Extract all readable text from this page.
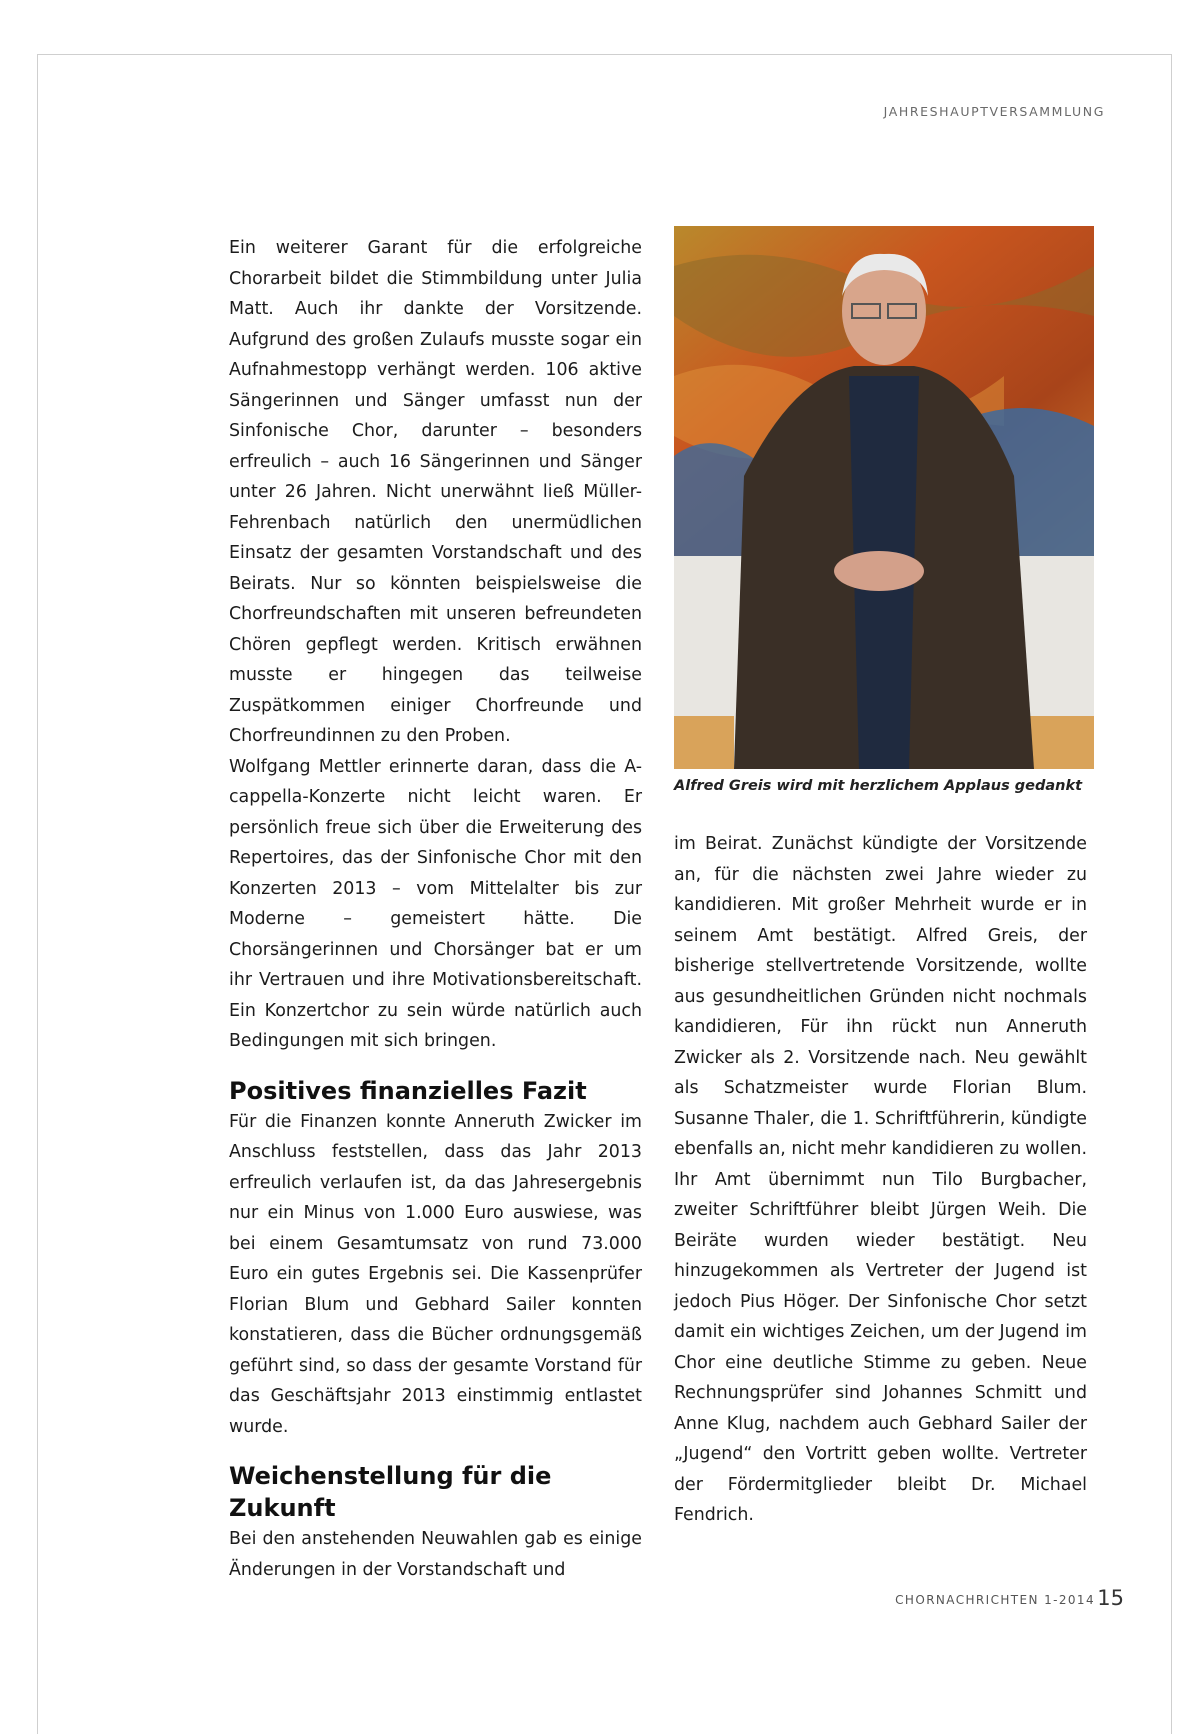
JAHRESHAUPTVERSAMMLUNG

Ein weiterer Garant für die erfolgreiche Chorarbeit bildet die Stimmbildung unter Julia Matt. Auch ihr dankte der Vorsitzende. Aufgrund des großen Zulaufs musste sogar ein Aufnahmestopp verhängt werden. 106 aktive Sängerinnen und Sänger umfasst nun der Sinfonische Chor, darunter – besonders erfreulich – auch 16 Sängerinnen und Sänger unter 26 Jahren. Nicht unerwähnt ließ Müller-Fehrenbach natürlich den unermüdlichen Einsatz der gesamten Vorstandschaft und des Beirats. Nur so könnten beispielsweise die Chorfreundschaften mit unseren befreundeten Chören gepflegt werden. Kritisch erwähnen musste er hingegen das teilweise Zuspätkommen einiger Chorfreunde und Chorfreundinnen zu den Proben.

Wolfgang Mettler erinnerte daran, dass die A-cappella-Konzerte nicht leicht waren. Er persönlich freue sich über die Erweiterung des Repertoires, das der Sinfonische Chor mit den Konzerten 2013 – vom Mittelalter bis zur Moderne – gemeistert hätte. Die Chorsängerinnen und Chorsänger bat er um ihr Vertrauen und ihre Motivationsbereitschaft. Ein Konzertchor zu sein würde natürlich auch Bedingungen mit sich bringen.

Positives finanzielles Fazit

Für die Finanzen konnte Anneruth Zwicker im Anschluss feststellen, dass das Jahr 2013 erfreulich verlaufen ist, da das Jahresergebnis nur ein Minus von 1.000 Euro auswiese, was bei einem Gesamtumsatz von rund 73.000 Euro ein gutes Ergebnis sei. Die Kassenprüfer Florian Blum und Gebhard Sailer konnten konstatieren, dass die Bücher ordnungsgemäß geführt sind, so dass der gesamte Vorstand für das Geschäftsjahr 2013 einstimmig entlastet wurde.

Weichenstellung für die Zukunft

Bei den anstehenden Neuwahlen gab es einige Änderungen in der Vorstandschaft und

Alfred Greis wird mit herzlichem Applaus gedankt

im Beirat. Zunächst kündigte der Vorsitzende an, für die nächsten zwei Jahre wieder zu kandidieren. Mit großer Mehrheit wurde er in seinem Amt bestätigt. Alfred Greis, der bisherige stellvertretende Vorsitzende, wollte aus gesundheitlichen Gründen nicht nochmals kandidieren, Für ihn rückt nun Anneruth Zwicker als 2. Vorsitzende nach. Neu gewählt als Schatzmeister wurde Florian Blum. Susanne Thaler, die 1. Schriftführerin, kündigte ebenfalls an, nicht mehr kandidieren zu wollen. Ihr Amt übernimmt nun Tilo Burgbacher, zweiter Schriftführer bleibt Jürgen Weih. Die Beiräte wurden wieder bestätigt. Neu hinzugekommen als Vertreter der Jugend ist jedoch Pius Höger. Der Sinfonische Chor setzt damit ein wichtiges Zeichen, um der Jugend im Chor eine deutliche Stimme zu geben. Neue Rechnungsprüfer sind Johannes Schmitt und Anne Klug, nachdem auch Gebhard Sailer der „Jugend“ den Vortritt geben wollte. Vertreter der Fördermitglieder bleibt Dr. Michael Fendrich.

CHORNACHRICHTEN 1-2014 15
